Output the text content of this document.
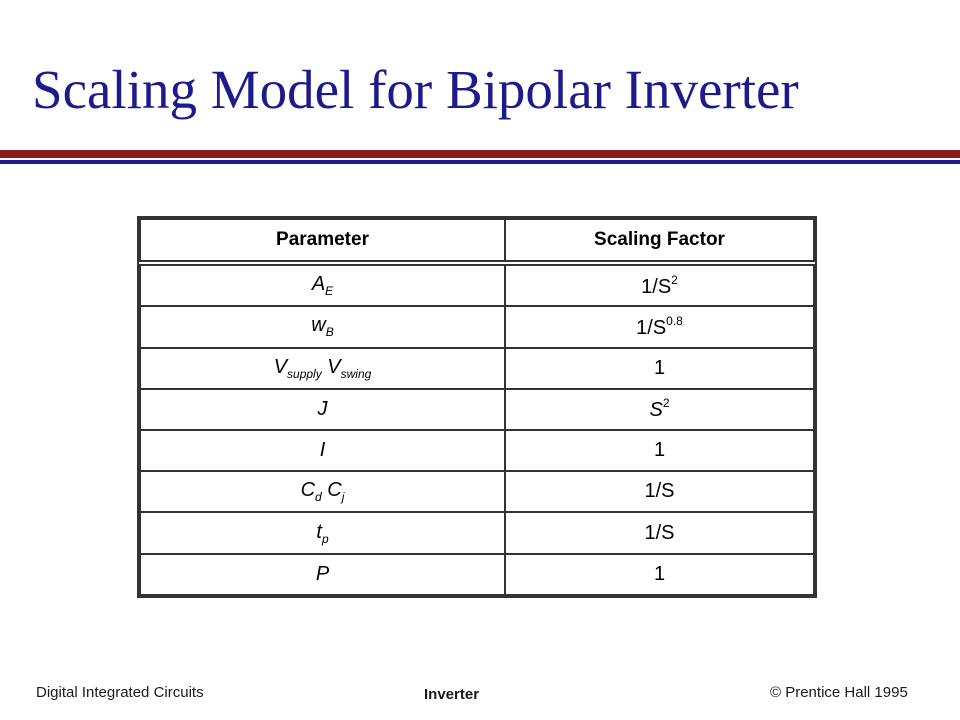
Scaling Model for Bipolar Inverter
Parameter	Scaling Factor
$A_E$	$1/S^2$
$w_B$	$1/S^{0.8}$
$V_{supply}$ $V_{swing}$	1
J	$S^2$
I	1
$C_d$ $C_j$	1/S
$t_p$	1/S
P	1
Digital Integrated Circuits	Inverter	© Prentice Hall 1995
